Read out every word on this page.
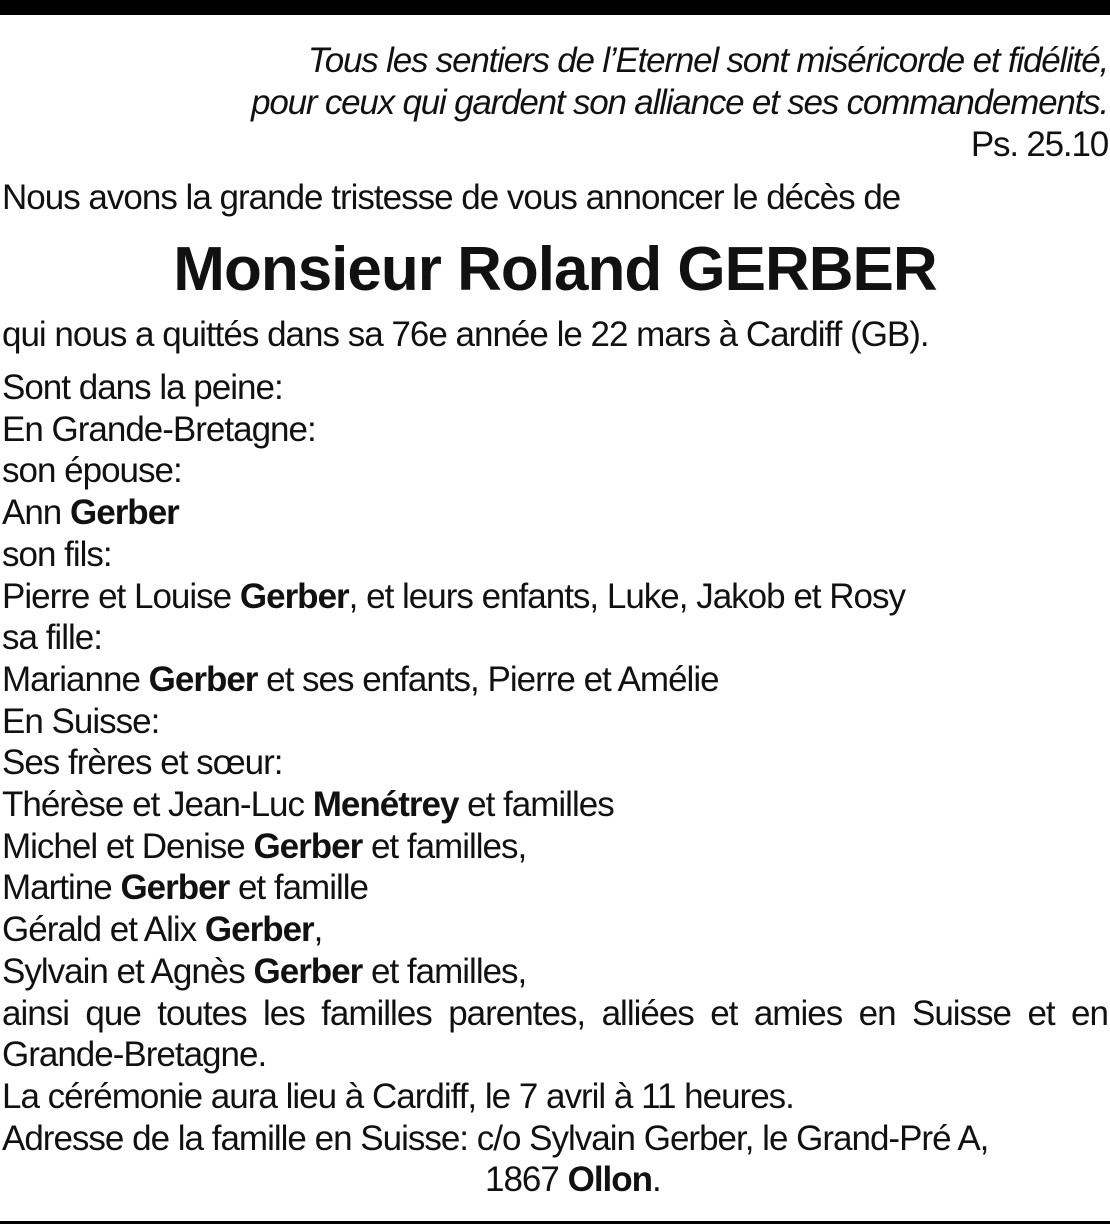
Tous les sentiers de l’Eternel sont miséricorde et fidélité,
pour ceux qui gardent son alliance et ses commandements.
Ps. 25.10
Nous avons la grande tristesse de vous annoncer le décès de
Monsieur Roland GERBER
qui nous a quittés dans sa 76e année le 22 mars à Cardiff (GB).
Sont dans la peine:
En Grande-Bretagne:
son épouse:
Ann Gerber
son fils:
Pierre et Louise Gerber, et leurs enfants, Luke, Jakob et Rosy
sa fille:
Marianne Gerber et ses enfants, Pierre et Amélie
En Suisse:
Ses frères et sœur:
Thérèse et Jean-Luc Menétrey et familles
Michel et Denise Gerber et familles,
Martine Gerber et famille
Gérald et Alix Gerber,
Sylvain et Agnès Gerber et familles,
ainsi que toutes les familles parentes, alliées et amies en Suisse et en
Grande-Bretagne.
La cérémonie aura lieu à Cardiff, le 7 avril à 11 heures.
Adresse de la famille en Suisse: c/o Sylvain Gerber, le Grand-Pré A,
1867 Ollon.
